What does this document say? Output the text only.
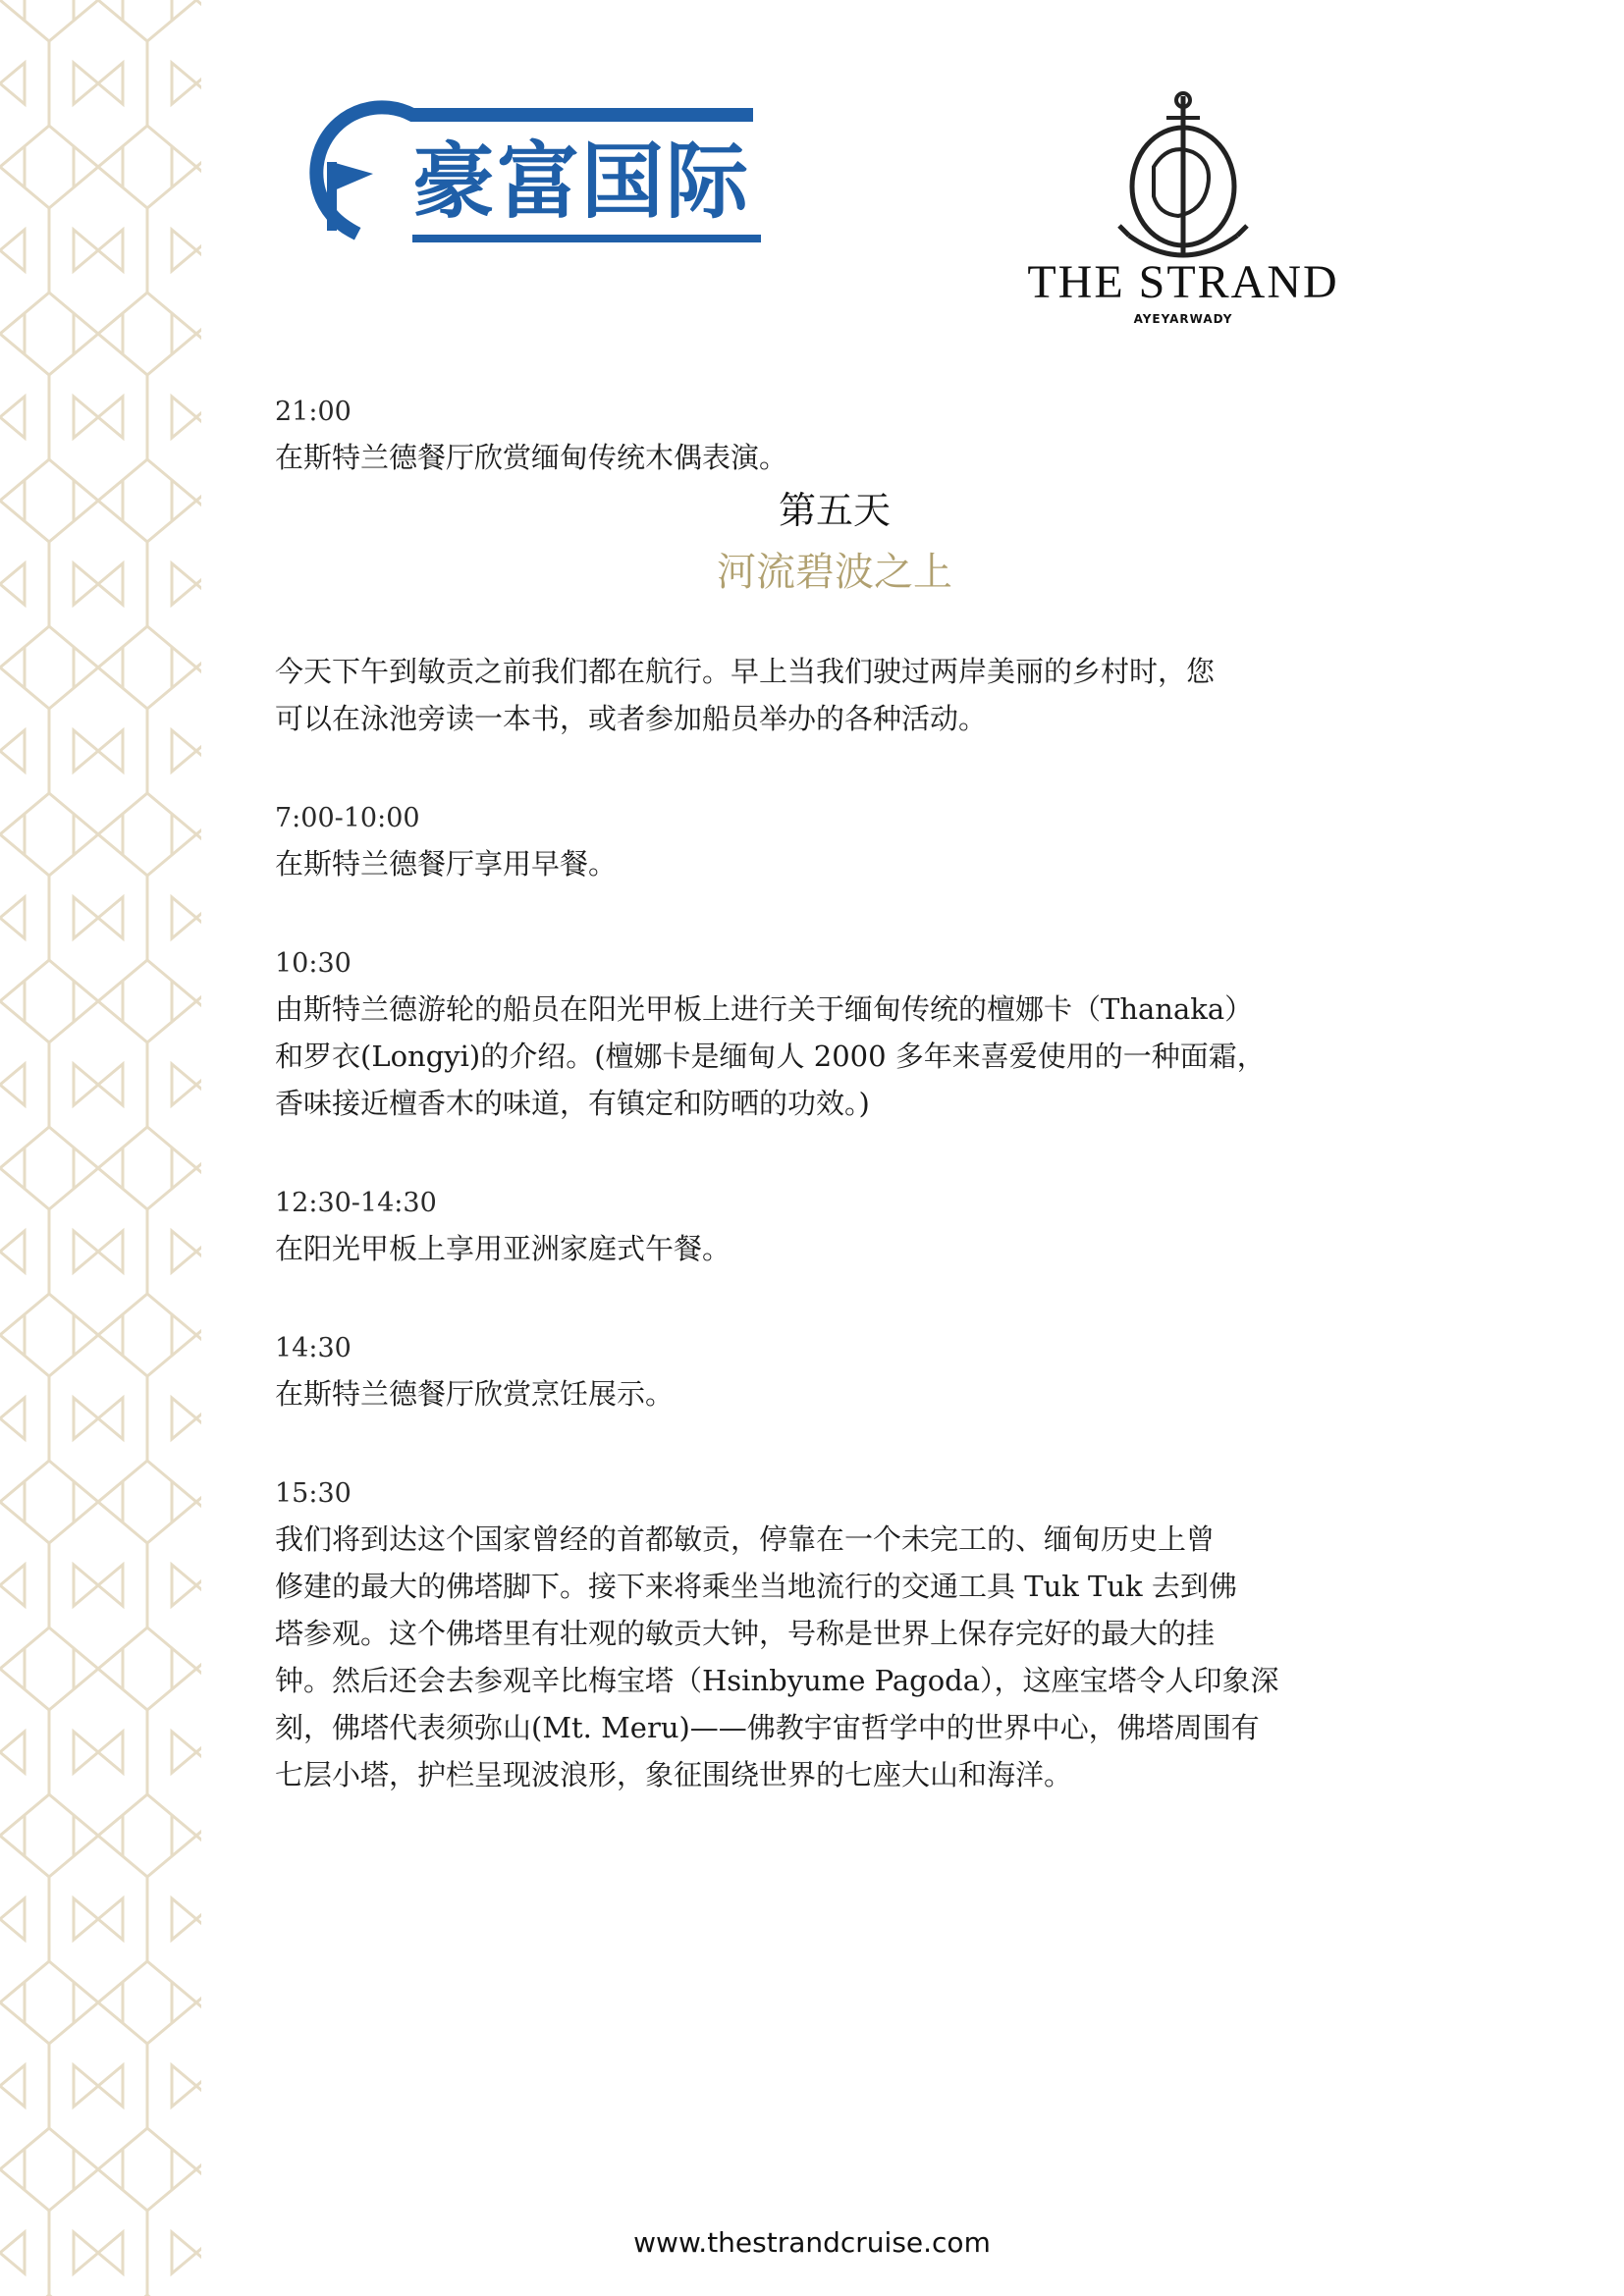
豪富国际
THE STRAND
AYEYARWADY

21:00

在斯特兰德餐厅欣赏缅甸传统木偶表演。

第五天

河流碧波之上

今天下午到敏贡之前我们都在航行。早上当我们驶过两岸美丽的乡村时，您

可以在泳池旁读一本书，或者参加船员举办的各种活动。

7:00-10:00

在斯特兰德餐厅享用早餐。

10:30

由斯特兰德游轮的船员在阳光甲板上进行关于缅甸传统的檀娜卡（Thanaka）

和罗衣(Longyi)的介绍。(檀娜卡是缅甸人 2000 多年来喜爱使用的一种面霜，

香味接近檀香木的味道，有镇定和防晒的功效。)

12:30-14:30

在阳光甲板上享用亚洲家庭式午餐。

14:30

在斯特兰德餐厅欣赏烹饪展示。

15:30

我们将到达这个国家曾经的首都敏贡，停靠在一个未完工的、缅甸历史上曾

修建的最大的佛塔脚下。接下来将乘坐当地流行的交通工具 Tuk Tuk 去到佛

塔参观。这个佛塔里有壮观的敏贡大钟，号称是世界上保存完好的最大的挂

钟。然后还会去参观辛比梅宝塔（Hsinbyume Pagoda），这座宝塔令人印象深

刻，佛塔代表须弥山(Mt. Meru)——佛教宇宙哲学中的世界中心，佛塔周围有

七层小塔，护栏呈现波浪形，象征围绕世界的七座大山和海洋。

www.thestrandcruise.com
